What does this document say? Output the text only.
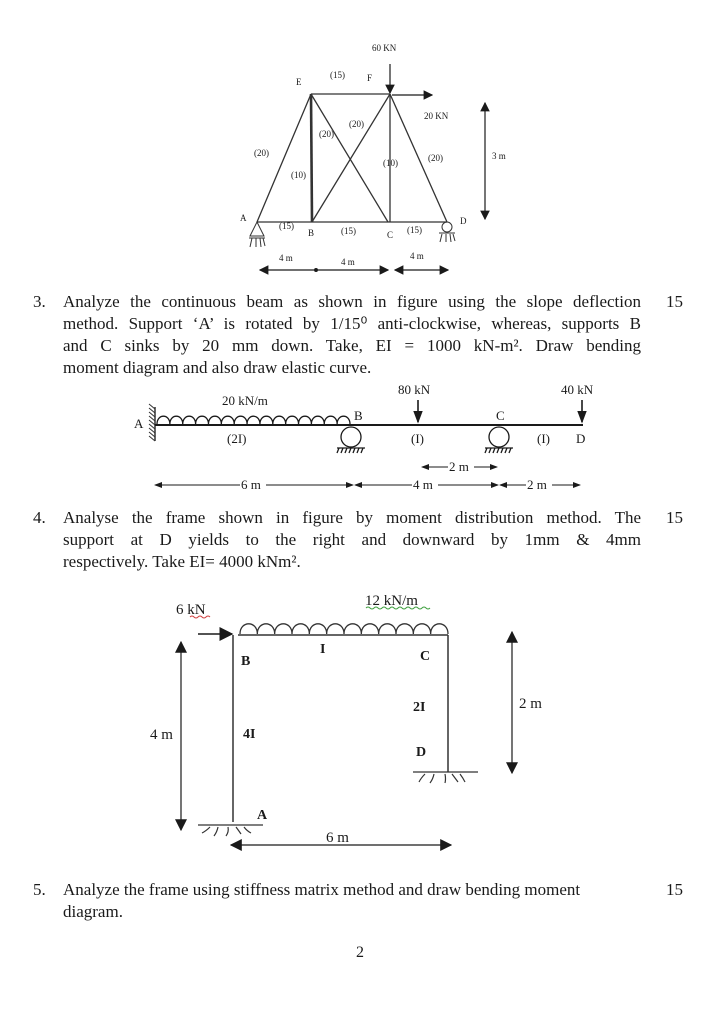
60 KN
20 KN
3 m
E	F
A
B	C
D
(15)
(20)
(10)
(20)
(20)
(10)	(20)
(15)	(15)	(15)
4 m	4 m
4 m
3. Analyze the continuous beam as shown in figure using the slope deflection
method. Support ‘A’ is rotated by 1/15⁰ anti-clockwise, whereas, supports B
and C sinks by 20 mm down. Take, EI = 1000 kN-m². Draw bending
moment diagram and also draw elastic curve.
15
20 kN/m
80 kN	40 kN
A
B	C
D
(2I)	(I)	(I)
2 m
6 m	4 m	2 m
4. Analyse the frame shown in figure by moment distribution method. The
support at D yields to the right and downward by 1mm & 4mm
respectively. Take EI= 4000 kNm².
15
6 kN
12 kN/m
B	C
D
A
I
2I
4I
4 m
2 m
6 m
5. Analyze the frame using stiffness matrix method and draw bending moment
diagram.
15
2
